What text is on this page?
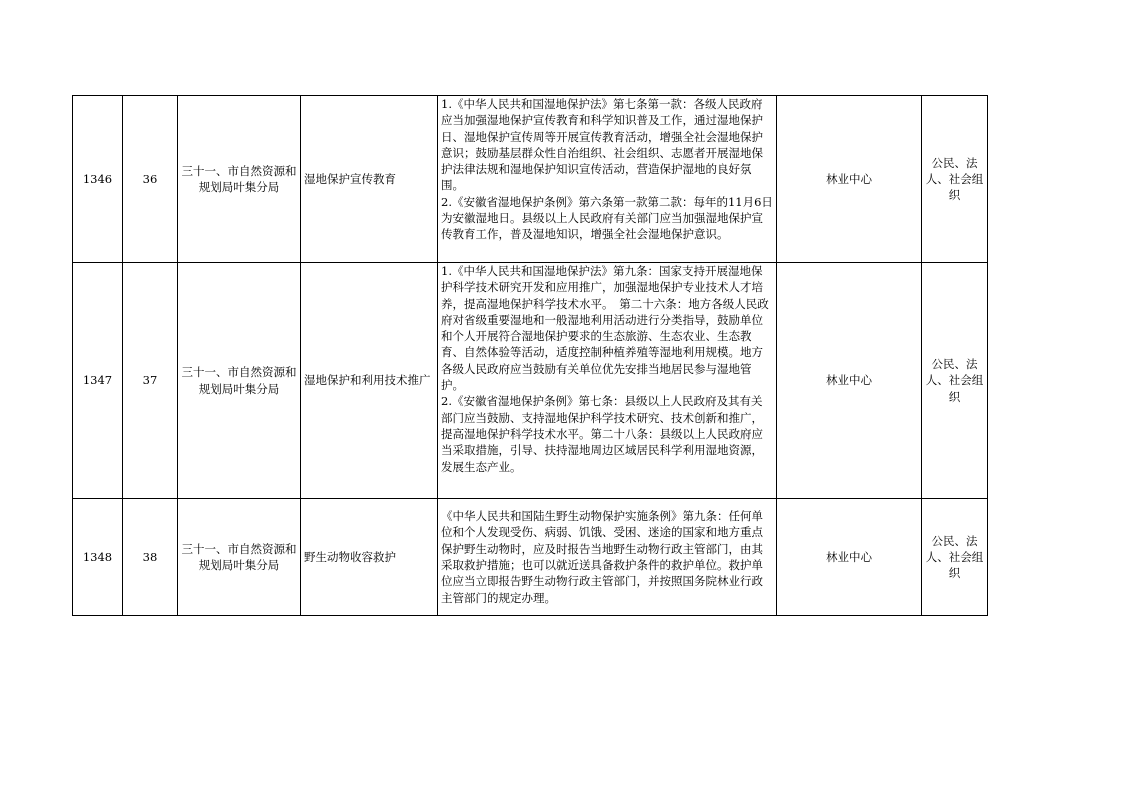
1346	36	三十一、市自然资源和规划局叶集分局	湿地保护宣传教育	1.《中华人民共和国湿地保护法》第七条第一款：各级人民政府应当加强湿地保护宣传教育和科学知识普及工作，通过湿地保护日、湿地保护宣传周等开展宣传教育活动，增强全社会湿地保护意识；鼓励基层群众性自治组织、社会组织、志愿者开展湿地保护法律法规和湿地保护知识宣传活动，营造保护湿地的良好氛围。

2.《安徽省湿地保护条例》第六条第一款第二款：每年的11月6日为安徽湿地日。县级以上人民政府有关部门应当加强湿地保护宣传教育工作，普及湿地知识，增强全社会湿地保护意识。	林业中心	公民、法人、社会组织
1347	37	三十一、市自然资源和规划局叶集分局	湿地保护和利用技术推广	1.《中华人民共和国湿地保护法》第九条：国家支持开展湿地保护科学技术研究开发和应用推广，加强湿地保护专业技术人才培养，提高湿地保护科学技术水平。　第二十六条：地方各级人民政府对省级重要湿地和一般湿地利用活动进行分类指导，鼓励单位和个人开展符合湿地保护要求的生态旅游、生态农业、生态教育、自然体验等活动，适度控制种植养殖等湿地利用规模。地方各级人民政府应当鼓励有关单位优先安排当地居民参与湿地管护。

2.《安徽省湿地保护条例》第七条：县级以上人民政府及其有关部门应当鼓励、支持湿地保护科学技术研究、技术创新和推广，提高湿地保护科学技术水平。第二十八条：县级以上人民政府应当采取措施，引导、扶持湿地周边区域居民科学利用湿地资源，发展生态产业。	林业中心	公民、法人、社会组织
1348	38	三十一、市自然资源和规划局叶集分局	野生动物收容救护	《中华人民共和国陆生野生动物保护实施条例》第九条：任何单位和个人发现受伤、病弱、饥饿、受困、迷途的国家和地方重点保护野生动物时，应及时报告当地野生动物行政主管部门，由其采取救护措施；也可以就近送具备救护条件的救护单位。救护单位应当立即报告野生动物行政主管部门，并按照国务院林业行政主管部门的规定办理。	林业中心	公民、法人、社会组织
